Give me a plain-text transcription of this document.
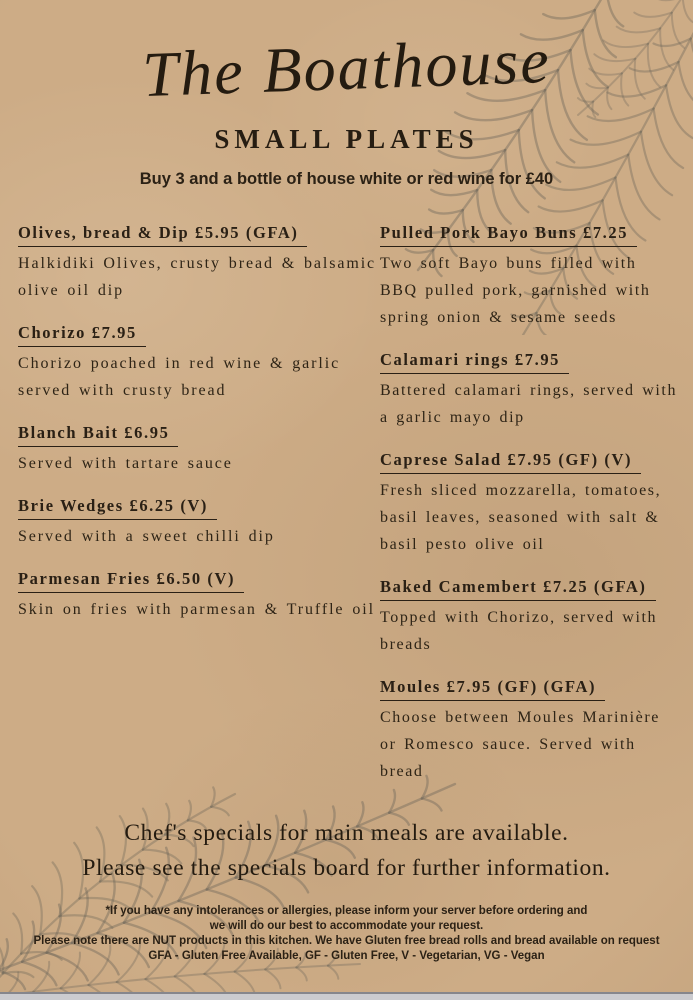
The Boathouse
SMALL PLATES
Buy 3 and a bottle of house white or red wine for £40
Olives, bread & Dip £5.95 (GFA)
Halkidiki Olives, crusty bread & balsamic olive oil dip
Chorizo £7.95
Chorizo poached in red wine & garlic served with crusty bread
Blanch Bait £6.95
Served with tartare sauce
Brie Wedges £6.25 (V)
Served with a sweet chilli dip
Parmesan Fries £6.50 (V)
Skin on fries with parmesan & Truffle oil
Pulled Pork Bayo Buns £7.25
Two soft Bayo buns filled with BBQ pulled pork, garnished with spring onion & sesame seeds
Calamari rings £7.95
Battered calamari rings, served with a garlic mayo dip
Caprese Salad £7.95 (GF) (V)
Fresh sliced mozzarella, tomatoes, basil leaves, seasoned with salt & basil pesto olive oil
Baked Camembert £7.25 (GFA)
Topped with Chorizo, served with breads
Moules £7.95 (GF) (GFA)
Choose between Moules Marinière or Romesco sauce. Served with bread
Chef's specials for main meals are available.
Please see the specials board for further information.
*If you have any intolerances or allergies, please inform your server before ordering and
we will do our best to accommodate your request.
Please note there are NUT products in this kitchen. We have Gluten free bread rolls and bread available on request
GFA - Gluten Free Available, GF - Gluten Free, V - Vegetarian, VG - Vegan
